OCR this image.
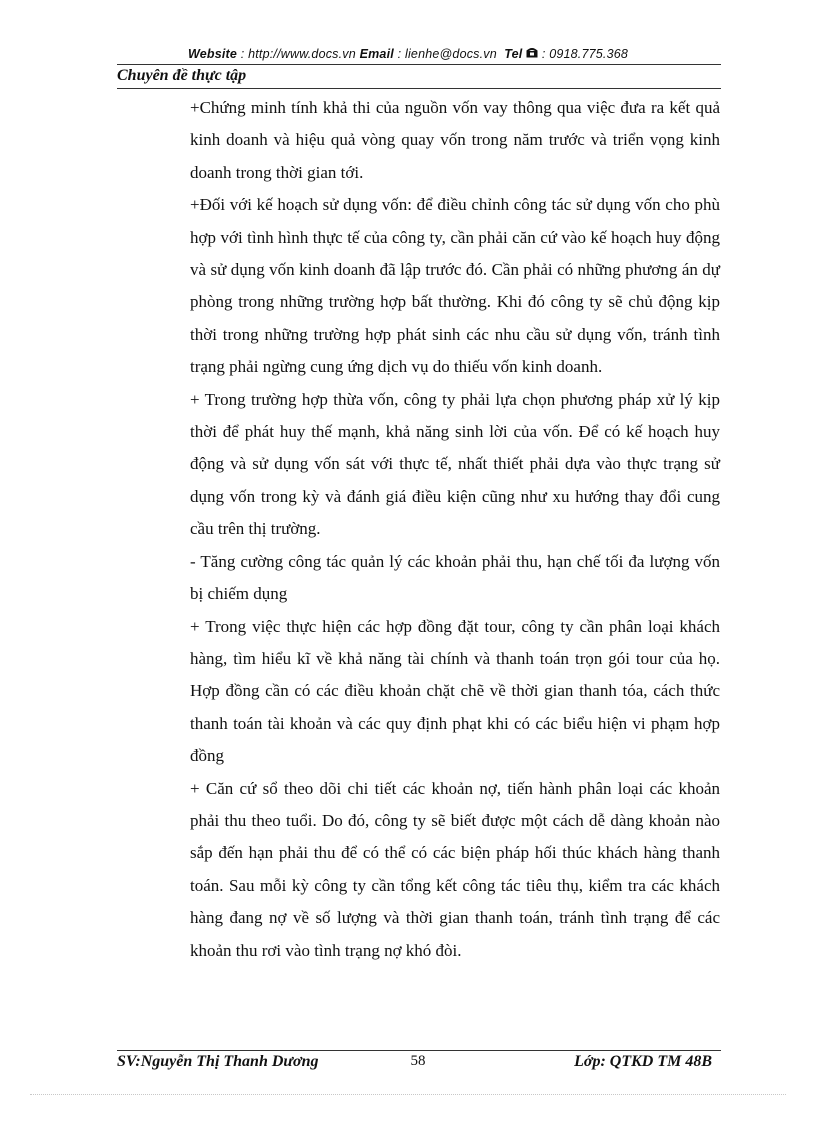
Website : http://www.docs.vn Email : lienhe@docs.vn Tel  : 0918.775.368
Chuyên đề thực tập

+Chứng minh tính khả thi của nguồn vốn vay thông qua việc đưa ra kết quả kinh doanh và hiệu quả vòng quay vốn trong năm trước và triển vọng kinh doanh trong thời gian tới.

+Đối với kế hoạch sử dụng vốn: để điều chỉnh công tác sử dụng vốn cho phù hợp với tình hình thực tế của công ty, cần phải căn cứ vào kế hoạch huy động và sử dụng vốn kinh doanh đã lập trước đó. Cần phải có những phương án dự phòng trong những trường hợp bất thường. Khi đó công ty sẽ chủ động kịp thời trong những trường hợp phát sinh các nhu cầu sử dụng vốn, tránh tình trạng phải ngừng cung ứng dịch vụ do thiếu vốn kinh doanh.

+ Trong trường hợp thừa vốn, công ty phải lựa chọn phương pháp xử lý kịp thời để phát huy thế mạnh, khả năng sinh lời của vốn. Để có kế hoạch huy động và sử dụng vốn sát với thực tế, nhất thiết phải dựa vào thực trạng sử dụng vốn trong kỳ và đánh giá điều kiện cũng như xu hướng thay đổi cung cầu trên thị trường.

- Tăng cường công tác quản lý các khoản phải thu, hạn chế tối đa lượng vốn bị chiếm dụng

+ Trong việc thực hiện các hợp đồng đặt tour, công ty cần phân loại khách hàng, tìm hiểu kĩ về khả năng tài chính và thanh toán trọn gói tour của họ. Hợp đồng cần có các điều khoản chặt chẽ về thời gian thanh tóa, cách thức thanh toán tài khoản và các quy định phạt khi có các biểu hiện vi phạm hợp đồng

+ Căn cứ sổ theo dõi chi tiết các khoản nợ, tiến hành phân loại các khoản phải thu theo tuổi. Do đó, công ty sẽ biết được một cách dễ dàng khoản nào sắp đến hạn phải thu để có thể có các biện pháp hối thúc khách hàng thanh toán. Sau mỗi kỳ công ty cần tổng kết công tác tiêu thụ, kiểm tra các khách hàng đang nợ về số lượng và thời gian thanh toán, tránh tình trạng để các khoản thu rơi vào tình trạng nợ khó đòi.

SV:Nguyễn Thị Thanh Dương	58	Lớp: QTKD TM 48B
